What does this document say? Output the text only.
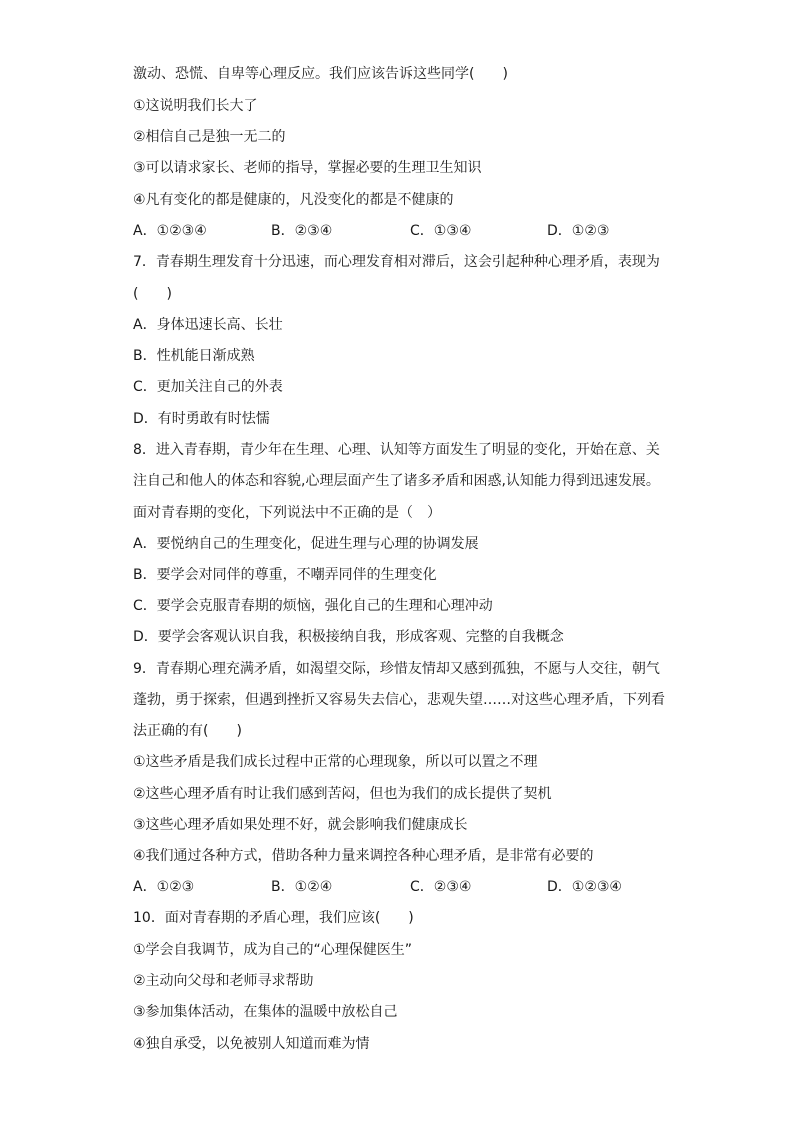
激动、恐慌、自卑等心理反应。我们应该告诉这些同学(　　)
①这说明我们长大了
②相信自己是独一无二的
③可以请求家长、老师的指导，掌握必要的生理卫生知识
④凡有变化的都是健康的，凡没变化的都是不健康的
A．①②③④	B．②③④	C．①③④	D．①②③
7．青春期生理发育十分迅速，而心理发育相对滞后，这会引起种种心理矛盾，表现为
(　　)
A．身体迅速长高、长壮
B．性机能日渐成熟
C．更加关注自己的外表
D．有时勇敢有时怯懦
8．进入青春期，青少年在生理、心理、认知等方面发生了明显的变化，开始在意、关
注自己和他人的体态和容貌,心理层面产生了诸多矛盾和困惑,认知能力得到迅速发展。
面对青春期的变化，下列说法中不正确的是（　）
A．要悦纳自己的生理变化，促进生理与心理的协调发展
B．要学会对同伴的尊重，不嘲弄同伴的生理变化
C．要学会克服青春期的烦恼，强化自己的生理和心理冲动
D．要学会客观认识自我，积极接纳自我，形成客观、完整的自我概念
9．青春期心理充满矛盾，如渴望交际，珍惜友情却又感到孤独，不愿与人交往，朝气
蓬勃，勇于探索，但遇到挫折又容易失去信心，悲观失望……对这些心理矛盾，下列看
法正确的有(　　)
①这些矛盾是我们成长过程中正常的心理现象，所以可以置之不理
②这些心理矛盾有时让我们感到苦闷，但也为我们的成长提供了契机
③这些心理矛盾如果处理不好，就会影响我们健康成长
④我们通过各种方式，借助各种力量来调控各种心理矛盾，是非常有必要的
A．①②③	B．①②④	C．②③④	D．①②③④
10．面对青春期的矛盾心理，我们应该(　　)
①学会自我调节，成为自己的“心理保健医生”
②主动向父母和老师寻求帮助
③参加集体活动，在集体的温暖中放松自己
④独自承受，以免被别人知道而难为情
